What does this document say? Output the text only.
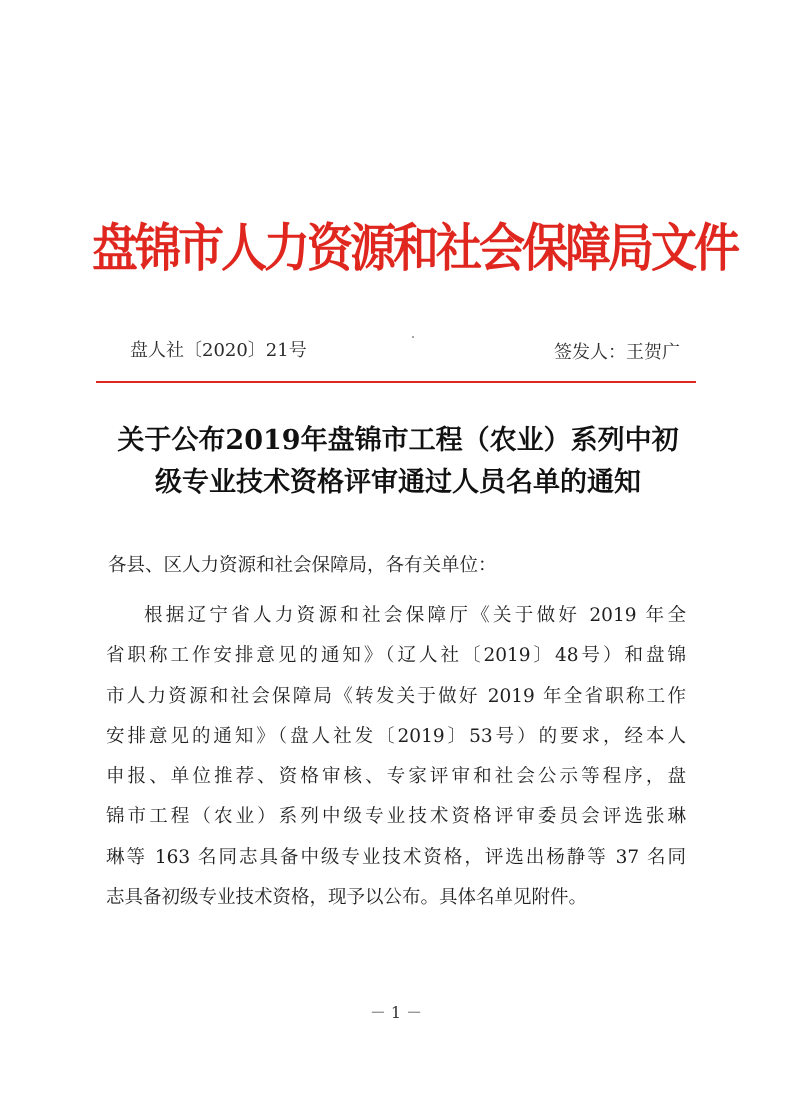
盘锦市人力资源和社会保障局文件
盘人社〔2020〕21号	签发人：王贺广
关于公布2019年盘锦市工程（农业）系列中初
级专业技术资格评审通过人员名单的通知
各县、区人力资源和社会保障局，各有关单位：
根据辽宁省人力资源和社会保障厅《关于做好 2019 年全
省职称工作安排意见的通知》（辽人社〔2019〕48号）和盘锦
市人力资源和社会保障局《转发关于做好 2019 年全省职称工作
安排意见的通知》（盘人社发〔2019〕53号）的要求，经本人
申报、单位推荐、资格审核、专家评审和社会公示等程序，盘
锦市工程（农业）系列中级专业技术资格评审委员会评选张琳
琳等 163 名同志具备中级专业技术资格，评选出杨静等 37 名同
志具备初级专业技术资格，现予以公布。具体名单见附件。
－ 1 －
